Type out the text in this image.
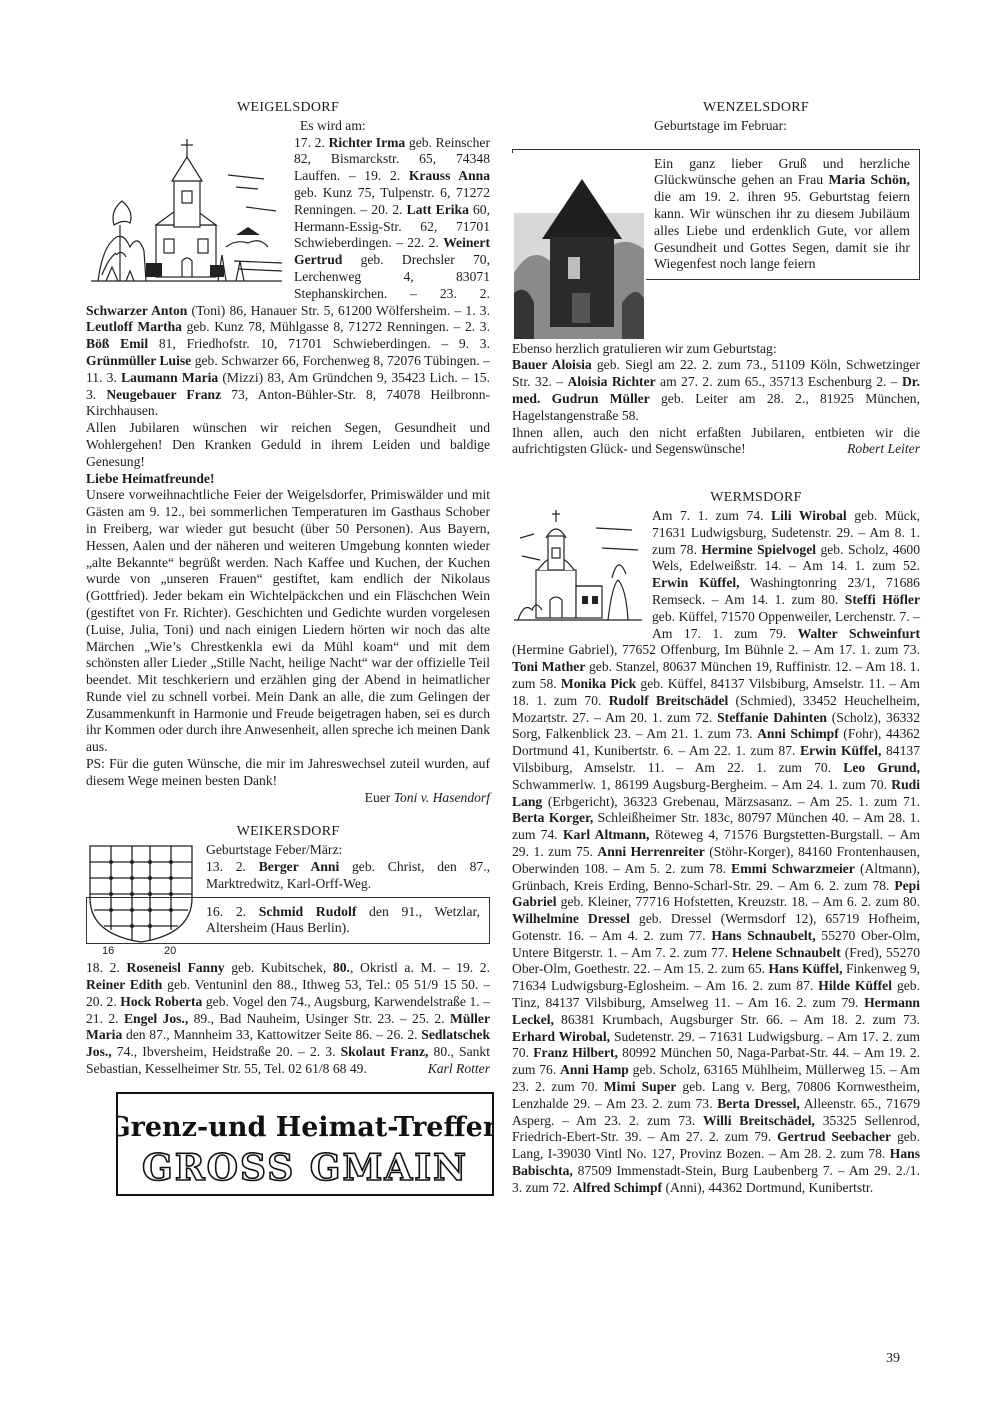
WEIGELSDORF
Es wird am:

17. 2. Richter Irma geb. Reinscher 82, Bismarckstr. 65, 74348 Lauffen. – 19. 2. Krauss Anna geb. Kunz 75, Tulpenstr. 6, 71272 Renningen. – 20. 2. Latt Erika 60, Hermann-Essig-Str. 62, 71701 Schwieberdingen. – 22. 2. Weinert Gertrud geb. Drechsler 70, Lerchenweg 4, 83071 Stephanskirchen. – 23. 2. Schwarzer Anton (Toni) 86, Hanauer Str. 5, 61200 Wölfersheim. – 1. 3. Leutloff Martha geb. Kunz 78, Mühlgasse 8, 71272 Renningen. – 2. 3. Böß Emil 81, Friedhofstr. 10, 71701 Schwieberdingen. – 9. 3. Grünmüller Luise geb. Schwarzer 66, Forchenweg 8, 72076 Tübingen. – 11. 3. Laumann Maria (Mizzi) 83, Am Gründchen 9, 35423 Lich. – 15. 3. Neugebauer Franz 73, Anton-Bühler-Str. 8, 74078 Heilbronn-Kirchhausen.

Allen Jubilaren wünschen wir reichen Segen, Gesundheit und Wohlergehen! Den Kranken Geduld in ihrem Leiden und baldige Genesung!

Liebe Heimatfreunde!

Unsere vorweihnachtliche Feier der Weigelsdorfer, Primiswälder und mit Gästen am 9. 12., bei sommerlichen Temperaturen im Gasthaus Schober in Freiberg, war wieder gut besucht (über 50 Personen). Aus Bayern, Hessen, Aalen und der näheren und weiteren Umgebung konnten wieder „alte Bekannte“ begrüßt werden. Nach Kaffee und Kuchen, der Kuchen wurde von „unseren Frauen“ gestiftet, kam endlich der Nikolaus (Gottfried). Jeder bekam ein Wichtelpäckchen und ein Fläschchen Wein (gestiftet von Fr. Richter). Geschichten und Gedichte wurden vorgelesen (Luise, Julia, Toni) und nach einigen Liedern hörten wir noch das alte Märchen „Wie’s Chrestkenkla ewi da Mühl koam“ und mit dem schönsten aller Lieder „Stille Nacht, heilige Nacht“ war der offizielle Teil beendet. Mit teschkeriern und erzählen ging der Abend in heimatlicher Runde viel zu schnell vorbei. Mein Dank an alle, die zum Gelingen der Zusammenkunft in Harmonie und Freude beigetragen haben, sei es durch ihr Kommen oder durch ihre Anwesenheit, allen spreche ich meinen Dank aus.

PS: Für die guten Wünsche, die mir im Jahreswechsel zuteil wurden, auf diesem Wege meinen besten Dank!

Euer Toni v. Hasendorf

WEIKERSDORF
16	20
Geburtstage Feber/März:

13. 2. Berger Anni geb. Christ, den 87., Marktredwitz, Karl-Orff-Weg.

16. 2. Schmid Rudolf den 91., Wetzlar, Altersheim (Haus Berlin).

18. 2. Roseneisl Fanny geb. Kubitschek, 80., Okristl a. M. – 19. 2. Reiner Edith geb. Ventuninl den 88., Ithweg 53, Tel.: 05 51/9 15 50. – 20. 2. Hock Roberta geb. Vogel den 74., Augsburg, Karwendelstraße 1. – 21. 2. Engel Jos., 89., Bad Nauheim, Usinger Str. 23. – 25. 2. Müller Maria den 87., Mannheim 33, Kattowitzer Seite 86. – 26. 2. Sedlatschek Jos., 74., Ibversheim, Heidstraße 20. – 2. 3. Skolaut Franz, 80., Sankt Sebastian, Kesselheimer Str. 55, Tel. 02 61/8 68 49.	Karl Rotter

Grenz-und Heimat-Treffen
GROSS GMAIN
WENZELSDORF
Geburtstage im Februar:
Ein ganz lieber Gruß und herzliche Glückwünsche gehen an Frau Maria Schön, die am 19. 2. ihren 95. Geburtstag feiern kann. Wir wünschen ihr zu diesem Jubiläum alles Liebe und erdenklich Gute, vor allem Gesundheit und Gottes Segen, damit sie ihr Wiegenfest noch lange feiern

Ebenso herzlich gratulieren wir zum Geburtstag:
Bauer Aloisia geb. Siegl am 22. 2. zum 73., 51109 Köln, Schwetzinger Str. 32. – Aloisia Richter am 27. 2. zum 65., 35713 Eschenburg 2. – Dr. med. Gudrun Müller geb. Leiter am 28. 2., 81925 München, Hagelstangenstraße 58.

Ihnen allen, auch den nicht erfaßten Jubilaren, entbieten wir die aufrichtigsten Glück- und Segenswünsche!	Robert Leiter

WERMSDORF

Am 7. 1. zum 74. Lili Wirobal geb. Mück, 71631 Ludwigsburg, Sudetenstr. 29. – Am 8. 1. zum 78. Hermine Spielvogel geb. Scholz, 4600 Wels, Edelweißstr. 14. – Am 14. 1. zum 52. Erwin Küffel, Washingtonring 23/1, 71686 Remseck. – Am 14. 1. zum 80. Steffi Höfler geb. Küffel, 71570 Oppenweiler, Lerchenstr. 7. – Am 17. 1. zum 79. Walter Schweinfurt (Hermine Gabriel), 77652 Offenburg, Im Bühnle 2. – Am 17. 1. zum 73. Toni Mather geb. Stanzel, 80637 München 19, Ruffinistr. 12. – Am 18. 1. zum 58. Monika Pick geb. Küffel, 84137 Vilsbiburg, Amselstr. 11. – Am 18. 1. zum 70. Rudolf Breitschädel (Schmied), 33452 Heuchelheim, Mozartstr. 27. – Am 20. 1. zum 72. Steffanie Dahinten (Scholz), 36332 Sorg, Falkenblick 23. – Am 21. 1. zum 73. Anni Schimpf (Fohr), 44362 Dortmund 41, Kunibertstr. 6. – Am 22. 1. zum 87. Erwin Küffel, 84137 Vilsbiburg, Amselstr. 11. – Am 22. 1. zum 70. Leo Grund, Schwammerlw. 1, 86199 Augsburg-Bergheim. – Am 24. 1. zum 70. Rudi Lang (Erbgericht), 36323 Grebenau, Märzsasanz. – Am 25. 1. zum 71. Berta Korger, Schleißheimer Str. 183c, 80797 München 40. – Am 28. 1. zum 74. Karl Altmann, Röteweg 4, 71576 Burgstetten-Burgstall. – Am 29. 1. zum 75. Anni Herrenreiter (Stöhr-Korger), 84160 Frontenhausen, Oberwinden 108. – Am 5. 2. zum 78. Emmi Schwarzmeier (Altmann), Grünbach, Kreis Erding, Benno-Scharl-Str. 29. – Am 6. 2. zum 78. Pepi Gabriel geb. Kleiner, 77716 Hofstetten, Kreuzstr. 18. – Am 6. 2. zum 80. Wilhelmine Dressel geb. Dressel (Wermsdorf 12), 65719 Hofheim, Gotenstr. 16. – Am 4. 2. zum 77. Hans Schnaubelt, 55270 Ober-Olm, Untere Bitgerstr. 1. – Am 7. 2. zum 77. Helene Schnaubelt (Fred), 55270 Ober-Olm, Goethestr. 22. – Am 15. 2. zum 65. Hans Küffel, Finkenweg 9, 71634 Ludwigsburg-Eglosheim. – Am 16. 2. zum 87. Hilde Küffel geb. Tinz, 84137 Vilsbiburg, Amselweg 11. – Am 16. 2. zum 79. Hermann Leckel, 86381 Krumbach, Augsburger Str. 66. – Am 18. 2. zum 73. Erhard Wirobal, Sudetenstr. 29. – 71631 Ludwigsburg. – Am 17. 2. zum 70. Franz Hilbert, 80992 München 50, Naga-Parbat-Str. 44. – Am 19. 2. zum 76. Anni Hamp geb. Scholz, 63165 Mühlheim, Müllerweg 15. – Am 23. 2. zum 70. Mimi Super geb. Lang v. Berg, 70806 Kornwestheim, Lenzhalde 29. – Am 23. 2. zum 73. Berta Dressel, Alleenstr. 65., 71679 Asperg. – Am 23. 2. zum 73. Willi Breitschädel, 35325 Sellenrod, Friedrich-Ebert-Str. 39. – Am 27. 2. zum 79. Gertrud Seebacher geb. Lang, I-39030 Vintl No. 127, Provinz Bozen. – Am 28. 2. zum 78. Hans Babischta, 87509 Immenstadt-Stein, Burg Laubenberg 7. – Am 29. 2./1. 3. zum 72. Alfred Schimpf (Anni), 44362 Dortmund, Kunibertstr.

39
